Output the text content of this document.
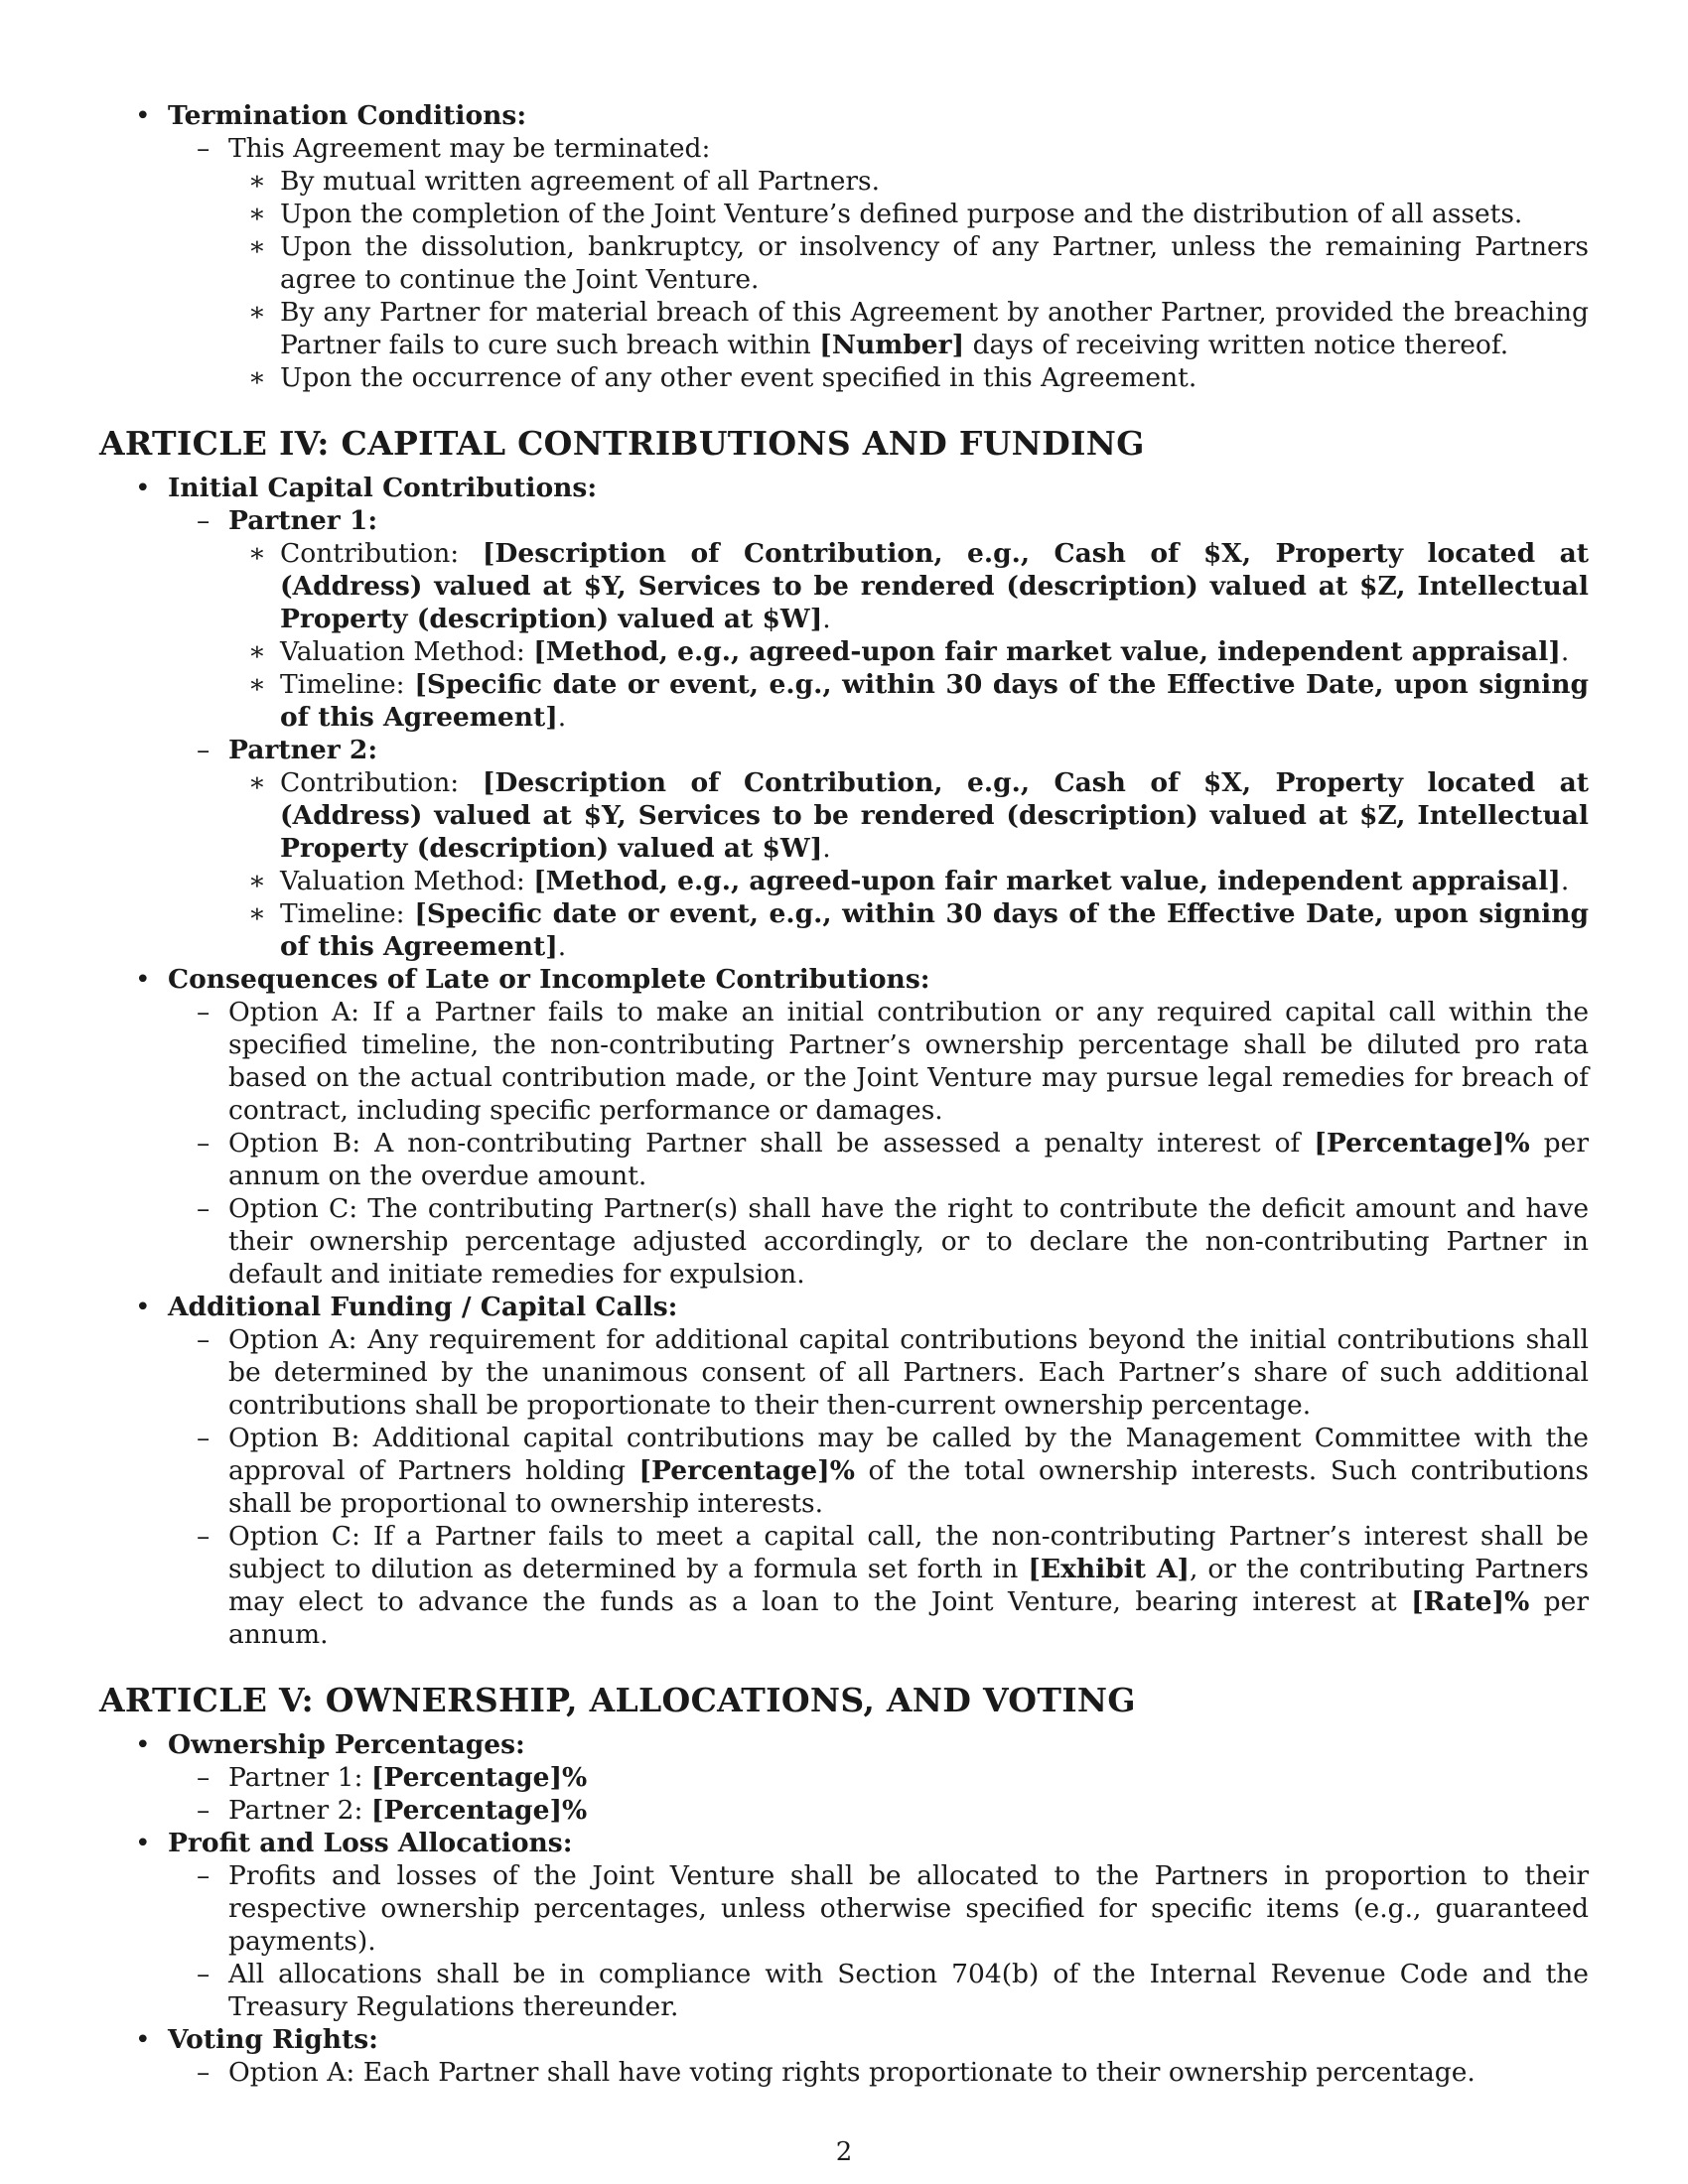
• Termination Conditions:
– This Agreement may be terminated:
∗ By mutual written agreement of all Partners.
∗ Upon the completion of the Joint Venture’s defined purpose and the distribution of all assets.
∗ Upon the dissolution, bankruptcy, or insolvency of any Partner, unless the remaining Partners agree to continue the Joint Venture.
∗ By any Partner for material breach of this Agreement by another Partner, provided the breaching Partner fails to cure such breach within [Number] days of receiving written notice thereof.
∗ Upon the occurrence of any other event specified in this Agreement.
ARTICLE IV: CAPITAL CONTRIBUTIONS AND FUNDING
• Initial Capital Contributions:
– Partner 1:
∗ Contribution: [Description of Contribution, e.g., Cash of $X, Property located at (Address) valued at $Y, Services to be rendered (description) valued at $Z, Intellectual Property (description) valued at $W].
∗ Valuation Method: [Method, e.g., agreed-upon fair market value, independent appraisal].
∗ Timeline: [Specific date or event, e.g., within 30 days of the Effective Date, upon signing of this Agreement].
– Partner 2:
∗ Contribution: [Description of Contribution, e.g., Cash of $X, Property located at (Address) valued at $Y, Services to be rendered (description) valued at $Z, Intellectual Property (description) valued at $W].
∗ Valuation Method: [Method, e.g., agreed-upon fair market value, independent appraisal].
∗ Timeline: [Specific date or event, e.g., within 30 days of the Effective Date, upon signing of this Agreement].
• Consequences of Late or Incomplete Contributions:
– Option A: If a Partner fails to make an initial contribution or any required capital call within the specified timeline, the non-contributing Partner’s ownership percentage shall be diluted pro rata based on the actual contribution made, or the Joint Venture may pursue legal remedies for breach of contract, including specific performance or damages.
– Option B: A non-contributing Partner shall be assessed a penalty interest of [Percentage]% per annum on the overdue amount.
– Option C: The contributing Partner(s) shall have the right to contribute the deficit amount and have their ownership percentage adjusted accordingly, or to declare the non-contributing Partner in default and initiate remedies for expulsion.
• Additional Funding / Capital Calls:
– Option A: Any requirement for additional capital contributions beyond the initial contributions shall be determined by the unanimous consent of all Partners. Each Partner’s share of such additional contributions shall be proportionate to their then-current ownership percentage.
– Option B: Additional capital contributions may be called by the Management Committee with the approval of Partners holding [Percentage]% of the total ownership interests. Such contributions shall be proportional to ownership interests.
– Option C: If a Partner fails to meet a capital call, the non-contributing Partner’s interest shall be subject to dilution as determined by a formula set forth in [Exhibit A], or the contributing Partners may elect to advance the funds as a loan to the Joint Venture, bearing interest at [Rate]% per annum.
ARTICLE V: OWNERSHIP, ALLOCATIONS, AND VOTING
• Ownership Percentages:
– Partner 1: [Percentage]%
– Partner 2: [Percentage]%
• Profit and Loss Allocations:
– Profits and losses of the Joint Venture shall be allocated to the Partners in proportion to their respective ownership percentages, unless otherwise specified for specific items (e.g., guaranteed payments).
– All allocations shall be in compliance with Section 704(b) of the Internal Revenue Code and the Treasury Regulations thereunder.
• Voting Rights:
– Option A: Each Partner shall have voting rights proportionate to their ownership percentage.
2
